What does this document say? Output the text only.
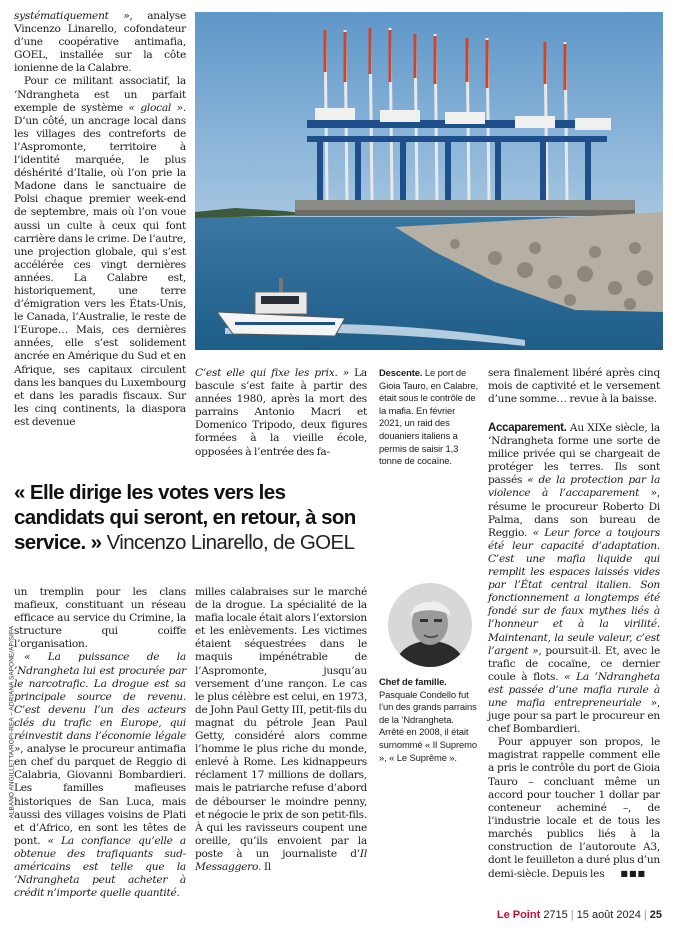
systématiquement », analyse Vincenzo Linarello, cofondateur d’une coopérative antimafia, GOEL, installée sur la côte ionienne de la Calabre.

Pour ce militant associatif, la ’Ndrangheta est un parfait exemple de système « glocal ». D’un côté, un ancrage local dans les villages des contreforts de l’Aspromonte, territoire à l’identité marquée, le plus déshérité d’Italie, où l’on prie la Madone dans le sanctuaire de Polsi chaque premier week-end de septembre, mais où l’on voue aussi un culte à ceux qui font carrière dans le crime. De l’autre, une projection globale, qui s’est accélérée ces vingt dernières années. La Calabre est, historiquement, une terre d’émigration vers les États-Unis, le Canada, l’Australie, le reste de l’Europe… Mais, ces dernières années, elle s’est solidement ancrée en Amérique du Sud et en Afrique, ses capitaux circulent dans les banques du Luxembourg et dans les paradis fiscaux. Sur les cinq continents, la diaspora est devenue

C’est elle qui fixe les prix. » La bascule s’est faite à partir des années 1980, après la mort des parrains Antonio Macri et Domenico Tripodo, deux figures formées à la vieille école, opposées à l’entrée des fa-

Descente. Le port de Gioia Tauro, en Calabre, était sous le contrôle de la mafia. En février 2021, un raid des douaniers italiens a permis de saisir 1,3 tonne de cocaïne.

sera finalement libéré après cinq mois de captivité et le versement d’une somme… revue à la baisse.

Accaparement. Au XIXe siècle, la ’Ndrangheta forme une sorte de milice privée qui se chargeait de protéger les terres. Ils sont passés « de la protection par la violence à l’accaparement », résume le procureur Roberto Di Palma, dans son bureau de Reggio. « Leur force a toujours été leur capacité d’adaptation. C’est une mafia liquide qui remplit les espaces laissés vides par l’État central italien. Son fonctionnement a longtemps été fondé sur de faux mythes liés à l’honneur et à la virilité. Maintenant, la seule valeur, c’est l’argent », poursuit-il. Et, avec le trafic de cocaïne, ce dernier coule à flots. « La ’Ndrangheta est passée d’une mafia rurale à une mafia entrepreneuriale », juge pour sa part le procureur en chef Bombardieri.

Pour appuyer son propos, le magistrat rappelle comment elle a pris le contrôle du port de Gioia Tauro – concluant même un accord pour toucher 1 dollar par conteneur acheminé –, de l’industrie locale et de tous les marchés publics liés à la construction de l’autoroute A3, dont le feuilleton a duré plus d’un demi-siècle. Depuis les ■■■

« Elle dirige les votes vers les candidats qui seront, en retour, à son service. » Vincenzo Linarello, de GOEL

un tremplin pour les clans mafieux, constituant un réseau efficace au service du Crimine, la structure qui coiffe l’organisation.

« La puissance de la ’Ndrangheta lui est procurée par le narcotrafic. La drogue est sa principale source de revenu. C’est devenu l’un des acteurs clés du trafic en Europe, qui réinvestit dans l’économie légale », analyse le procureur antimafia en chef du parquet de Reggio di Calabria, Giovanni Bombardieri. Les familles mafieuses historiques de San Luca, mais aussi des villages voisins de Plati et d’Africo, en sont les têtes de pont. « La confiance qu’elle a obtenue des trafiquants sud-américains est telle que la ’Ndrangheta peut acheter à crédit n’importe quelle quantité.

milles calabraises sur le marché de la drogue. La spécialité de la mafia locale était alors l’extorsion et les enlèvements. Les victimes étaient séquestrées dans le maquis impénétrable de l’Aspromonte, jusqu’au versement d’une rançon. Le cas le plus célèbre est celui, en 1973, de John Paul Getty III, petit-fils du magnat du pétrole Jean Paul Getty, considéré alors comme l’homme le plus riche du monde, enlevé à Rome. Les kidnappeurs réclament 17 millions de dollars, mais le patriarche refuse d’abord de débourser le moindre penny, et négocie le prix de son petit-fils. À qui les ravisseurs coupent une oreille, qu’ils envoient par la poste à un journaliste d’Il Messaggero. Il

Chef de famille. Pasquale Condello fut l’un des grands parrains de la ’Ndrangheta. Arrêté en 2008, il était surnommé « Il Supremo », « Le Suprême ».
ALBANO ANGILLETTA/ROPI-REA – ADRIANA SAPONE/AP/SIPA
Le Point 2715 | 15 août 2024 | 25
